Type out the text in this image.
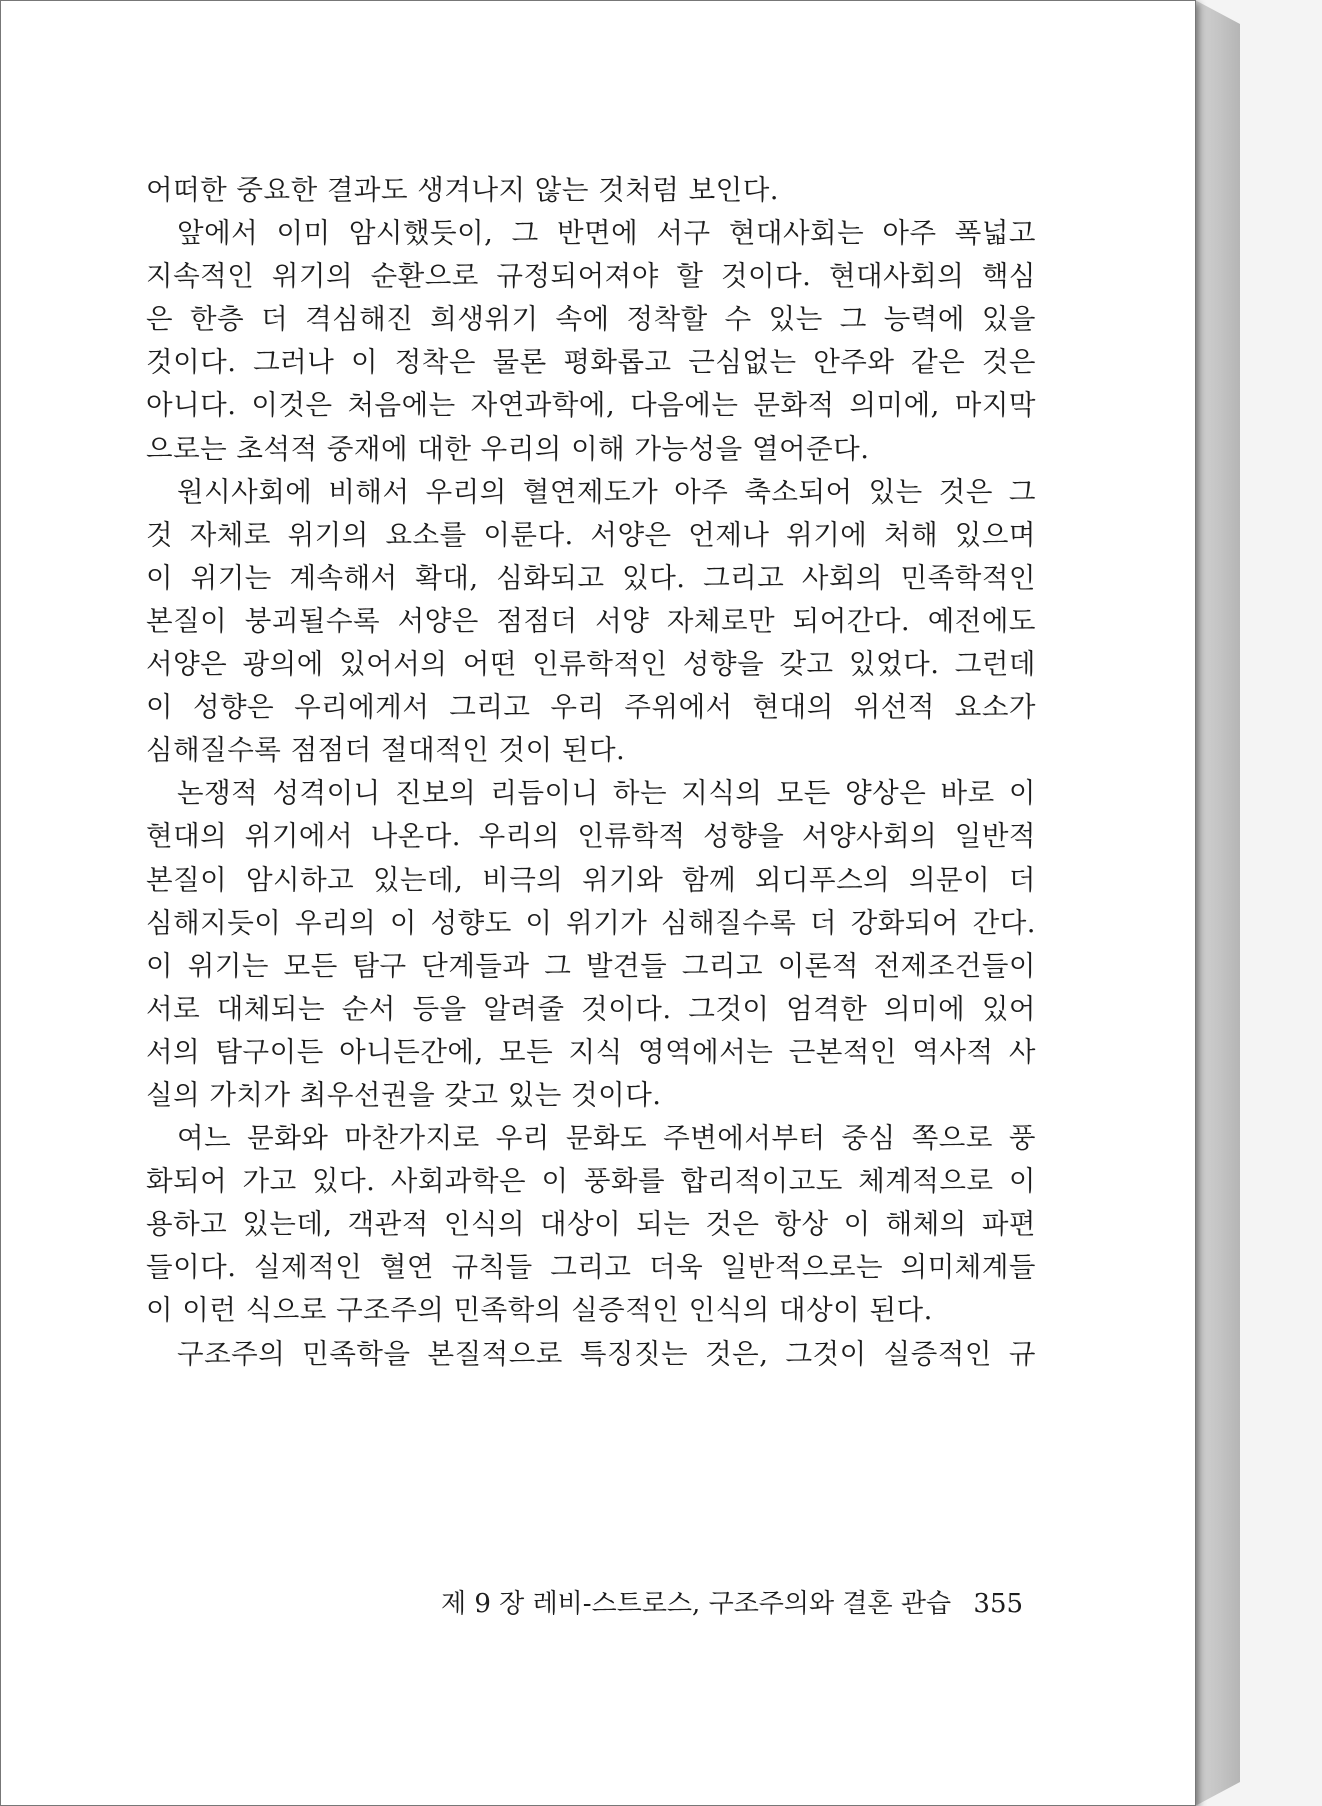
어떠한 중요한 결과도 생겨나지 않는 것처럼 보인다.
앞에서 이미 암시했듯이, 그 반면에 서구 현대사회는 아주 폭넓고
지속적인 위기의 순환으로 규정되어져야 할 것이다. 현대사회의 핵심
은 한층 더 격심해진 희생위기 속에 정착할 수 있는 그 능력에 있을
것이다. 그러나 이 정착은 물론 평화롭고 근심없는 안주와 같은 것은
아니다. 이것은 처음에는 자연과학에, 다음에는 문화적 의미에, 마지막
으로는 초석적 중재에 대한 우리의 이해 가능성을 열어준다.
원시사회에 비해서 우리의 혈연제도가 아주 축소되어 있는 것은 그
것 자체로 위기의 요소를 이룬다. 서양은 언제나 위기에 처해 있으며
이 위기는 계속해서 확대, 심화되고 있다. 그리고 사회의 민족학적인
본질이 붕괴될수록 서양은 점점더 서양 자체로만 되어간다. 예전에도
서양은 광의에 있어서의 어떤 인류학적인 성향을 갖고 있었다. 그런데
이 성향은 우리에게서 그리고 우리 주위에서 현대의 위선적 요소가
심해질수록 점점더 절대적인 것이 된다.
논쟁적 성격이니 진보의 리듬이니 하는 지식의 모든 양상은 바로 이
현대의 위기에서 나온다. 우리의 인류학적 성향을 서양사회의 일반적
본질이 암시하고 있는데, 비극의 위기와 함께 외디푸스의 의문이 더
심해지듯이 우리의 이 성향도 이 위기가 심해질수록 더 강화되어 간다.
이 위기는 모든 탐구 단계들과 그 발견들 그리고 이론적 전제조건들이
서로 대체되는 순서 등을 알려줄 것이다. 그것이 엄격한 의미에 있어
서의 탐구이든 아니든간에, 모든 지식 영역에서는 근본적인 역사적 사
실의 가치가 최우선권을 갖고 있는 것이다.
여느 문화와 마찬가지로 우리 문화도 주변에서부터 중심 쪽으로 풍
화되어 가고 있다. 사회과학은 이 풍화를 합리적이고도 체계적으로 이
용하고 있는데, 객관적 인식의 대상이 되는 것은 항상 이 해체의 파편
들이다. 실제적인 혈연 규칙들 그리고 더욱 일반적으로는 의미체계들
이 이런 식으로 구조주의 민족학의 실증적인 인식의 대상이 된다.
구조주의 민족학을 본질적으로 특징짓는 것은, 그것이 실증적인 규
제 9 장 레비-스트로스, 구조주의와 결혼 관습 355
